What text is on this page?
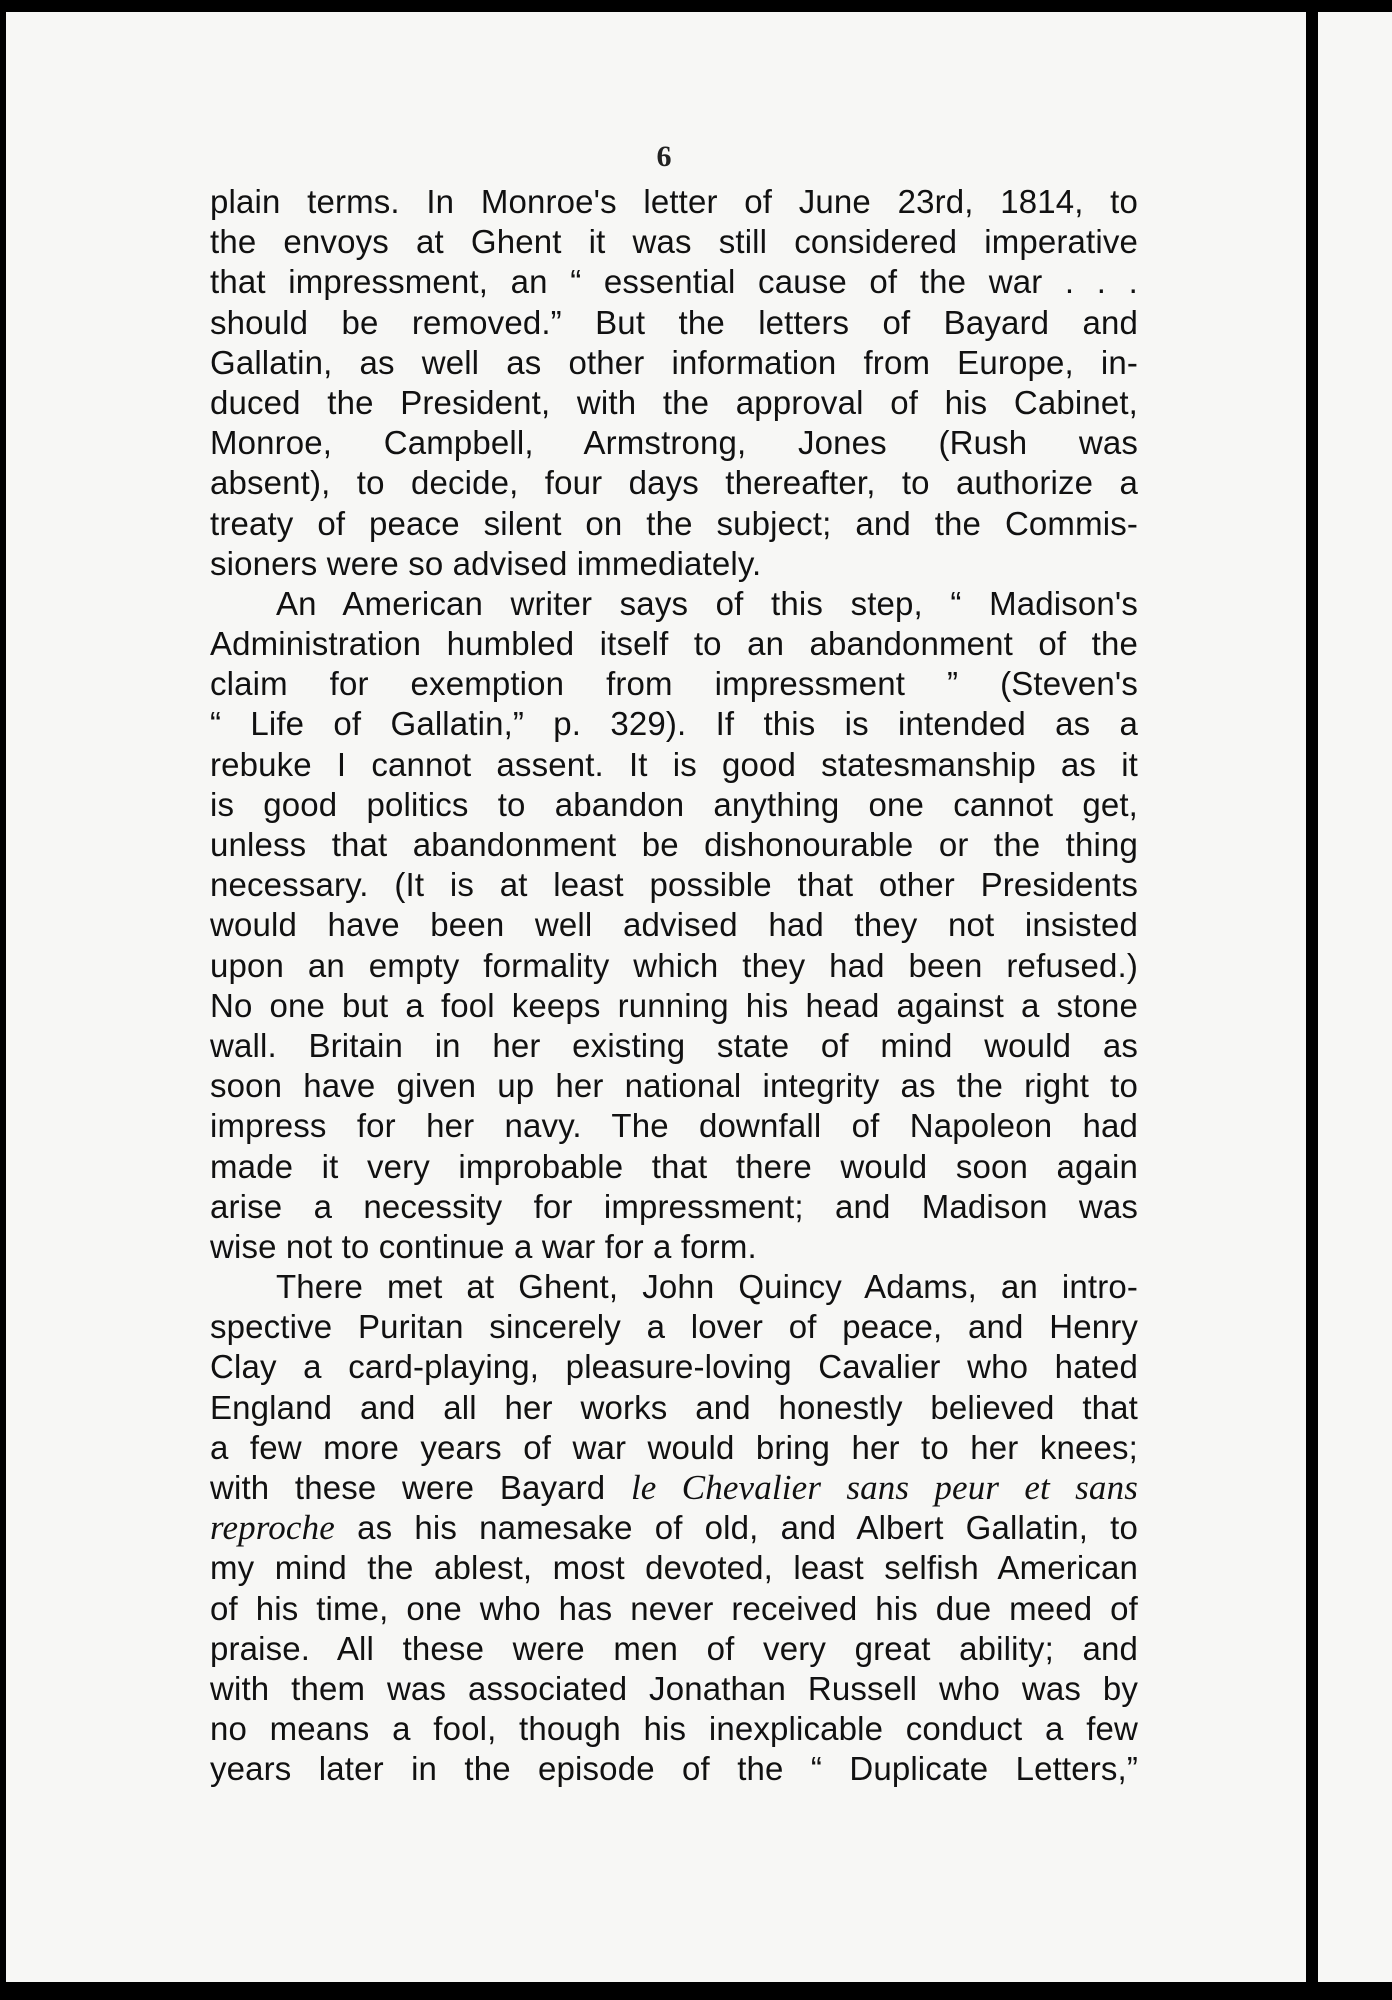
6
plain terms. In Monroe's letter of June 23rd, 1814, to
the envoys at Ghent it was still considered imperative
that impressment, an “ essential cause of the war . . .
should be removed.” But the letters of Bayard and
Gallatin, as well as other information from Europe, in-
duced the President, with the approval of his Cabinet,
Monroe, Campbell, Armstrong, Jones (Rush was
absent), to decide, four days thereafter, to authorize a
treaty of peace silent on the subject; and the Commis-
sioners were so advised immediately.
An American writer says of this step, “ Madison's
Administration humbled itself to an abandonment of the
claim for exemption from impressment ” (Steven's
“ Life of Gallatin,” p. 329). If this is intended as a
rebuke I cannot assent. It is good statesmanship as it
is good politics to abandon anything one cannot get,
unless that abandonment be dishonourable or the thing
necessary. (It is at least possible that other Presidents
would have been well advised had they not insisted
upon an empty formality which they had been refused.)
No one but a fool keeps running his head against a stone
wall. Britain in her existing state of mind would as
soon have given up her national integrity as the right to
impress for her navy. The downfall of Napoleon had
made it very improbable that there would soon again
arise a necessity for impressment; and Madison was
wise not to continue a war for a form.
There met at Ghent, John Quincy Adams, an intro-
spective Puritan sincerely a lover of peace, and Henry
Clay a card-playing, pleasure-loving Cavalier who hated
England and all her works and honestly believed that
a few more years of war would bring her to her knees;
with these were Bayard le Chevalier sans peur et sans
reproche as his namesake of old, and Albert Gallatin, to
my mind the ablest, most devoted, least selfish American
of his time, one who has never received his due meed of
praise. All these were men of very great ability; and
with them was associated Jonathan Russell who was by
no means a fool, though his inexplicable conduct a few
years later in the episode of the “ Duplicate Letters,”
